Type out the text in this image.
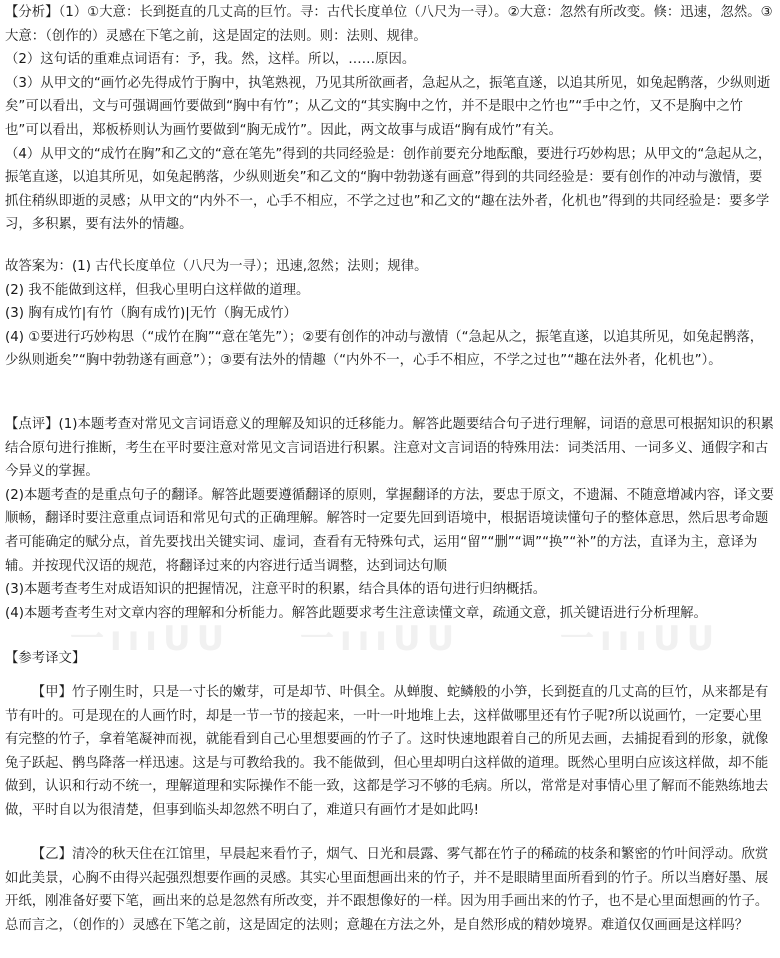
一ıııUU 一ıııUU	一ıııUU

【分析】（1）①大意：长到挺直的几丈高的巨竹。寻：古代长度单位（八尺为一寻）。②大意：忽然有所改变。倏：迅速，忽然。③大意：（创作的）灵感在下笔之前，这是固定的法则。则：法则、规律。

（2）这句话的重难点词语有：予，我。然，这样。所以，……原因。

（3）从甲文的“画竹必先得成竹于胸中，执笔熟视，乃见其所欲画者，急起从之，振笔直遂，以追其所见，如兔起鹘落，少纵则逝矣”可以看出，文与可强调画竹要做到“胸中有竹”；从乙文的“其实胸中之竹，并不是眼中之竹也”“手中之竹，又不是胸中之竹也”可以看出，郑板桥则认为画竹要做到“胸无成竹”。因此，两文故事与成语“胸有成竹”有关。

（4）从甲文的“成竹在胸”和乙文的“意在笔先”得到的共同经验是：创作前要充分地酝酿，要进行巧妙构思；从甲文的“急起从之，振笔直遂，以追其所见，如兔起鹘落，少纵则逝矣”和乙文的“胸中勃勃遂有画意”得到的共同经验是：要有创作的冲动与激情，要抓住稍纵即逝的灵感；从甲文的“内外不一，心手不相应，不学之过也”和乙文的“趣在法外者，化机也”得到的共同经验是：要多学习，多积累，要有法外的情趣。

故答案为：(1) 古代长度单位（八尺为一寻）；迅速,忽然；法则；规律。

(2) 我不能做到这样，但我心里明白这样做的道理。

(3) 胸有成竹|有竹（胸有成竹)|无竹（胸无成竹）

(4) ①要进行巧妙构思（“成竹在胸”“意在笔先”）；②要有创作的冲动与激情（“急起从之，振笔直遂，以追其所见，如兔起鹘落，少纵则逝矣”“胸中勃勃遂有画意”）；③要有法外的情趣（“内外不一，心手不相应，不学之过也”“趣在法外者，化机也”）。

【点评】(1)本题考查对常见文言词语意义的理解及知识的迁移能力。解答此题要结合句子进行理解，词语的意思可根据知识的积累结合原句进行推断，考生在平时要注意对常见文言词语进行积累。注意对文言词语的特殊用法：词类活用、一词多义、通假字和古今异义的掌握。

(2)本题考查的是重点句子的翻译。解答此题要遵循翻译的原则，掌握翻译的方法，要忠于原文，不遗漏、不随意增减内容，译文要顺畅，翻译时要注意重点词语和常见句式的正确理解。解答时一定要先回到语境中，根据语境读懂句子的整体意思，然后思考命题者可能确定的赋分点，首先要找出关键实词、虚词，查看有无特殊句式，运用“留”“删”“调”“换”“补”的方法，直译为主，意译为辅。并按现代汉语的规范，将翻译过来的内容进行适当调整，达到词达句顺

(3)本题考查考生对成语知识的把握情况，注意平时的积累，结合具体的语句进行归纳概括。

(4)本题考查考生对文章内容的理解和分析能力。解答此题要求考生注意读懂文章，疏通文意，抓关键语进行分析理解。

【参考译文】

【甲】竹子刚生时，只是一寸长的嫩芽，可是却节、叶俱全。从蝉腹、蛇鳞般的小笋，长到挺直的几丈高的巨竹，从来都是有节有叶的。可是现在的人画竹时，却是一节一节的接起来，一叶一叶地堆上去，这样做哪里还有竹子呢?所以说画竹，一定要心里有完整的竹子，拿着笔凝神而视，就能看到自己心里想要画的竹子了。这时快速地跟着自己的所见去画，去捕捉看到的形象，就像兔子跃起、鹘鸟降落一样迅速。这是与可教给我的。我不能做到，但心里却明白这样做的道理。既然心里明白应该这样做，却不能做到，认识和行动不统一，理解道理和实际操作不能一致，这都是学习不够的毛病。所以，常常是对事情心里了解而不能熟练地去做，平时自以为很清楚，但事到临头却忽然不明白了，难道只有画竹才是如此吗!

【乙】清冷的秋天住在江馆里，早晨起来看竹子，烟气、日光和晨露、雾气都在竹子的稀疏的枝条和繁密的竹叶间浮动。欣赏如此美景，心胸不由得兴起强烈想要作画的灵感。其实心里面想画出来的竹子，并不是眼睛里面所看到的竹子。所以当磨好墨、展开纸，刚准备好要下笔，画出来的总是忽然有所改变，并不跟想像好的一样。因为用手画出来的竹子，也不是心里面想画的竹子。总而言之，（创作的）灵感在下笔之前，这是固定的法则；意趣在方法之外，是自然形成的精妙境界。难道仅仅画画是这样吗？
